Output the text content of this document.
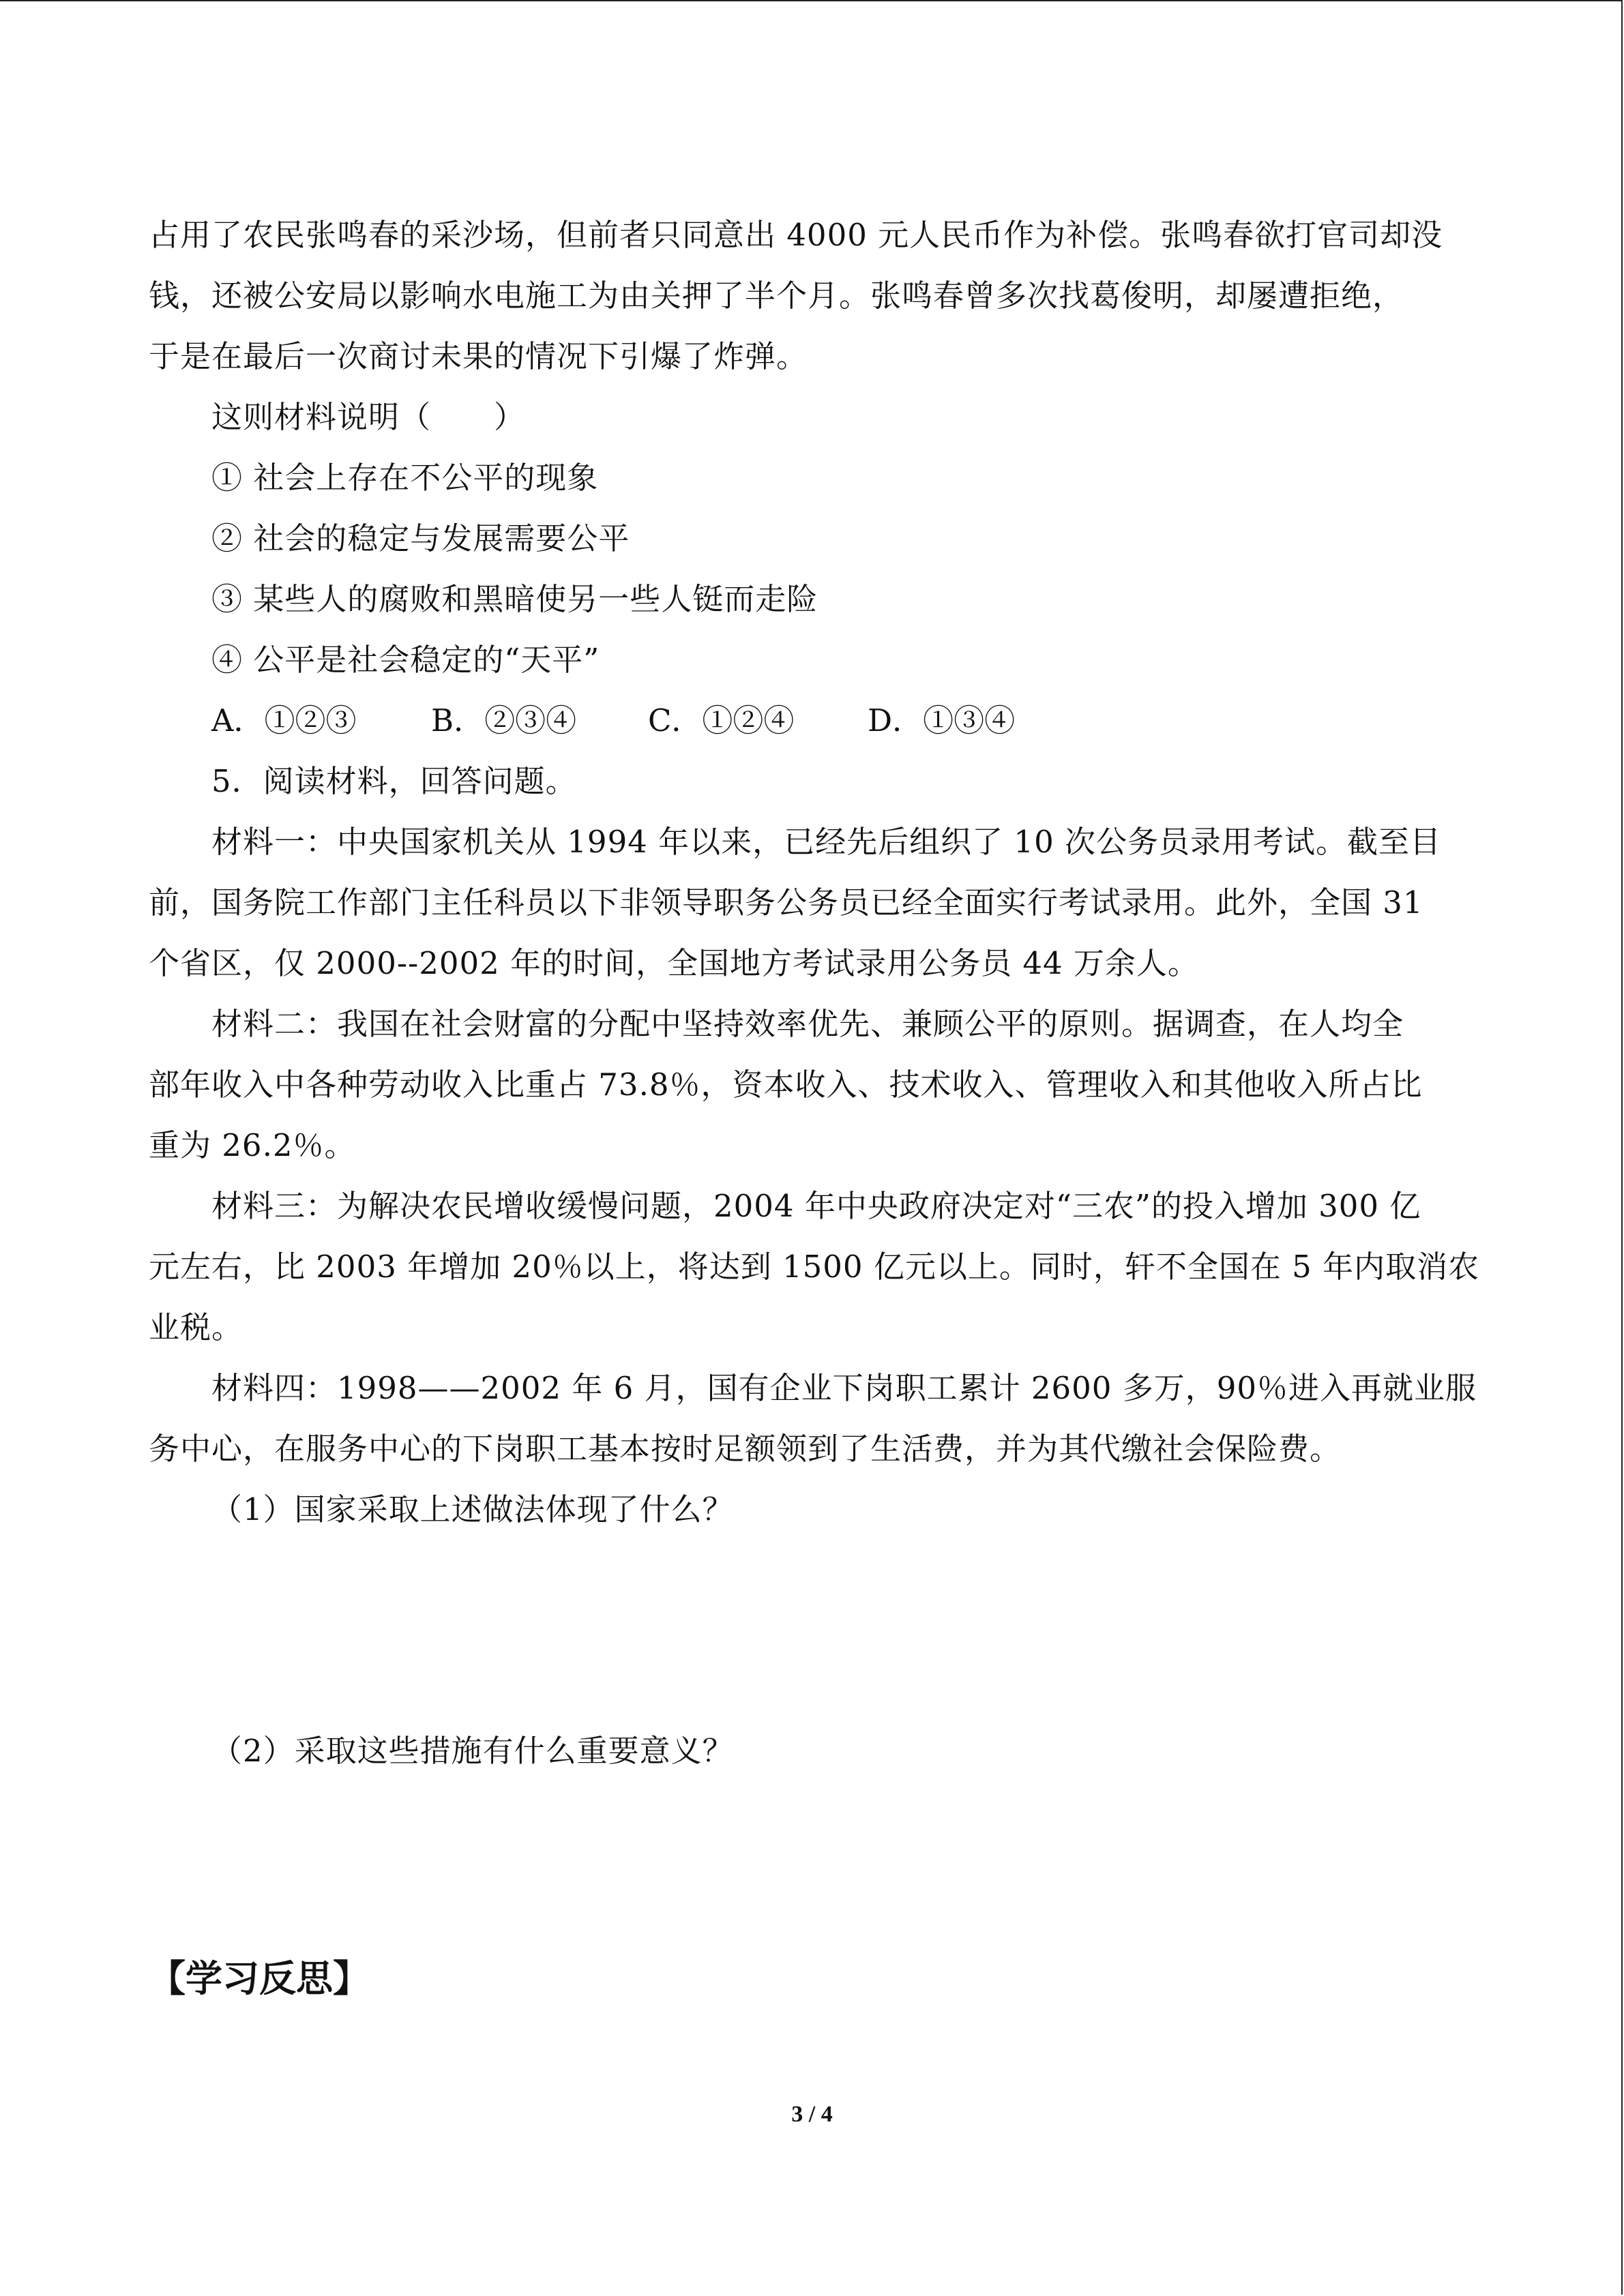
占用了农民张鸣春的采沙场，但前者只同意出 4000 元人民币作为补偿。张鸣春欲打官司却没
钱，还被公安局以影响水电施工为由关押了半个月。张鸣春曾多次找葛俊明，却屡遭拒绝，
于是在最后一次商讨未果的情况下引爆了炸弹。
这则材料说明（　　）
① 社会上存在不公平的现象
② 社会的稳定与发展需要公平
③ 某些人的腐败和黑暗使另一些人铤而走险
④ 公平是社会稳定的“天平”
A．①②③ B．②③④ C．①②④ D．①③④
5．阅读材料，回答问题。
材料一：中央国家机关从 1994 年以来，已经先后组织了 10 次公务员录用考试。截至目
前，国务院工作部门主任科员以下非领导职务公务员已经全面实行考试录用。此外，全国 31
个省区，仅 2000--2002 年的时间，全国地方考试录用公务员 44 万余人。
材料二：我国在社会财富的分配中坚持效率优先、兼顾公平的原则。据调查，在人均全
部年收入中各种劳动收入比重占 73.8％，资本收入、技术收入、管理收入和其他收入所占比
重为 26.2％。
材料三：为解决农民增收缓慢问题，2004 年中央政府决定对“三农”的投入增加 300 亿
元左右，比 2003 年增加 20％以上，将达到 1500 亿元以上。同时，轩不全国在 5 年内取消农
业税。
材料四：1998——2002 年 6 月，国有企业下岗职工累计 2600 多万，90％进入再就业服
务中心，在服务中心的下岗职工基本按时足额领到了生活费，并为其代缴社会保险费。
（1）国家采取上述做法体现了什么？
（2）采取这些措施有什么重要意义？
【学习反思】
3 / 4
